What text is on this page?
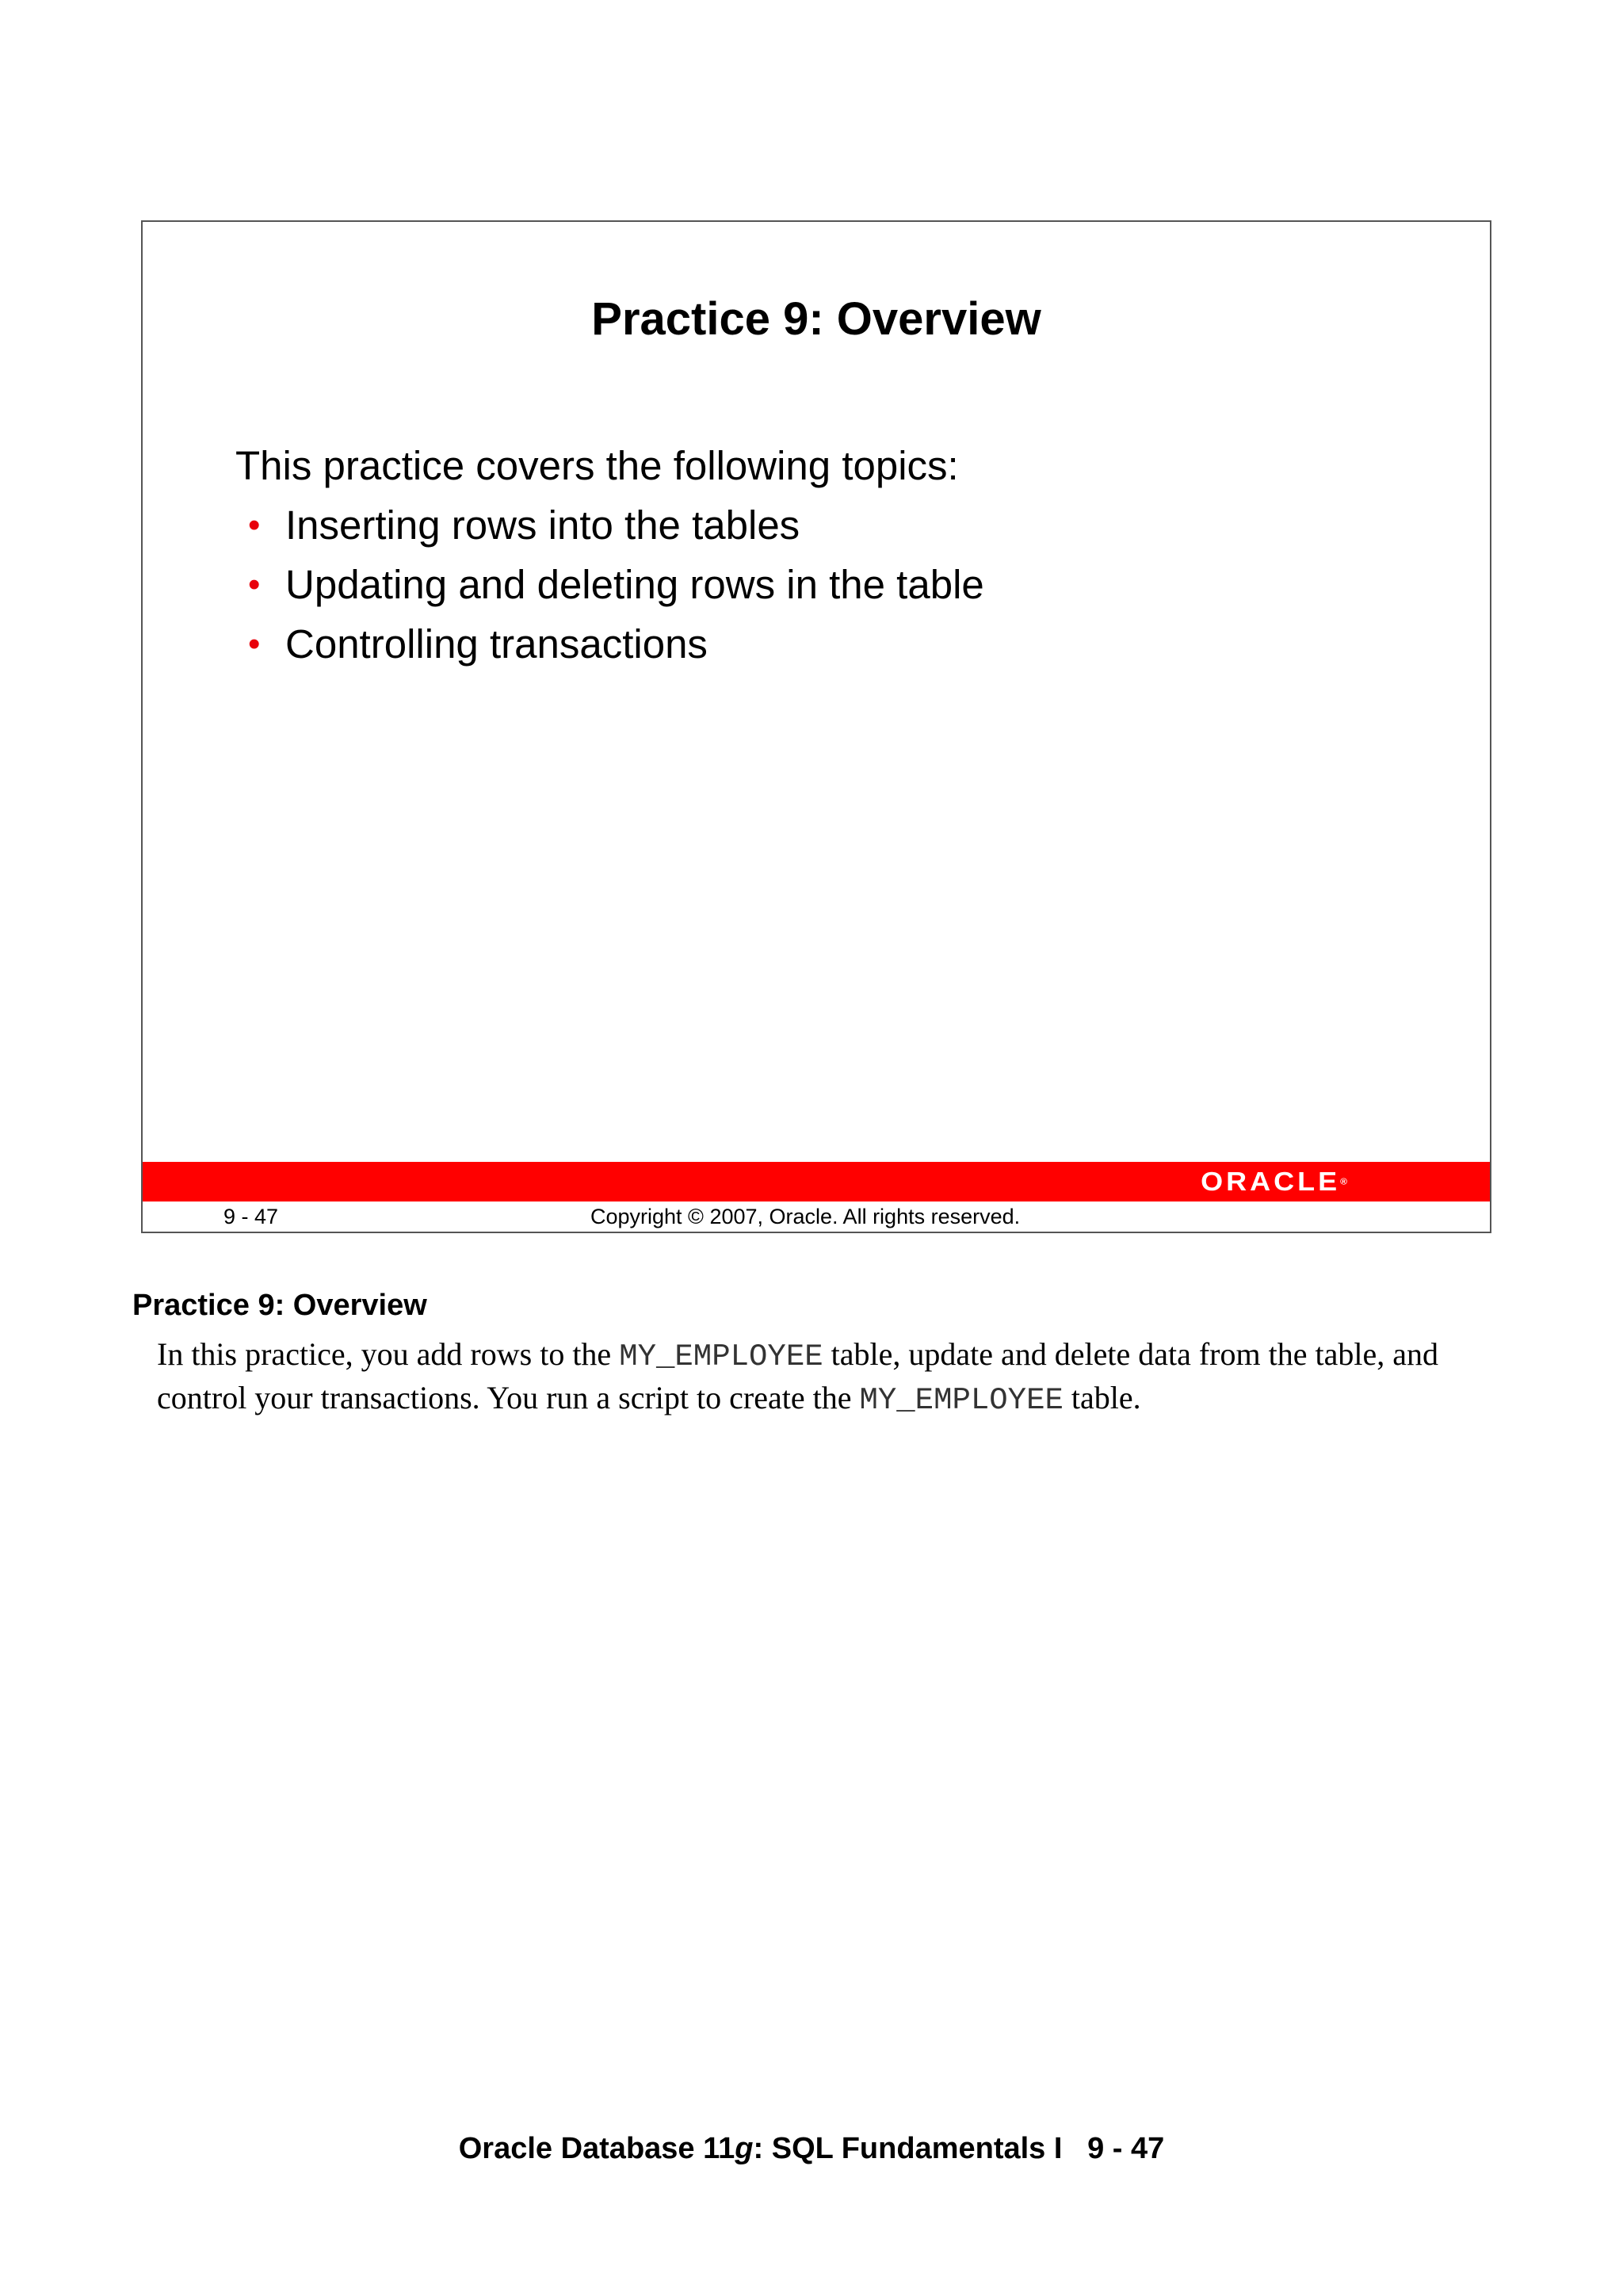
Practice 9: Overview

This practice covers the following topics:

• Inserting rows into the tables
• Updating and deleting rows in the table
• Controlling transactions
ORACLE®
9 - 47	Copyright © 2007, Oracle. All rights reserved.
Practice 9: Overview

In this practice, you add rows to the MY_EMPLOYEE table, update and delete data from the table, and control your transactions. You run a script to create the MY_EMPLOYEE table.

Oracle Database 11g: SQL Fundamentals I   9 - 47
